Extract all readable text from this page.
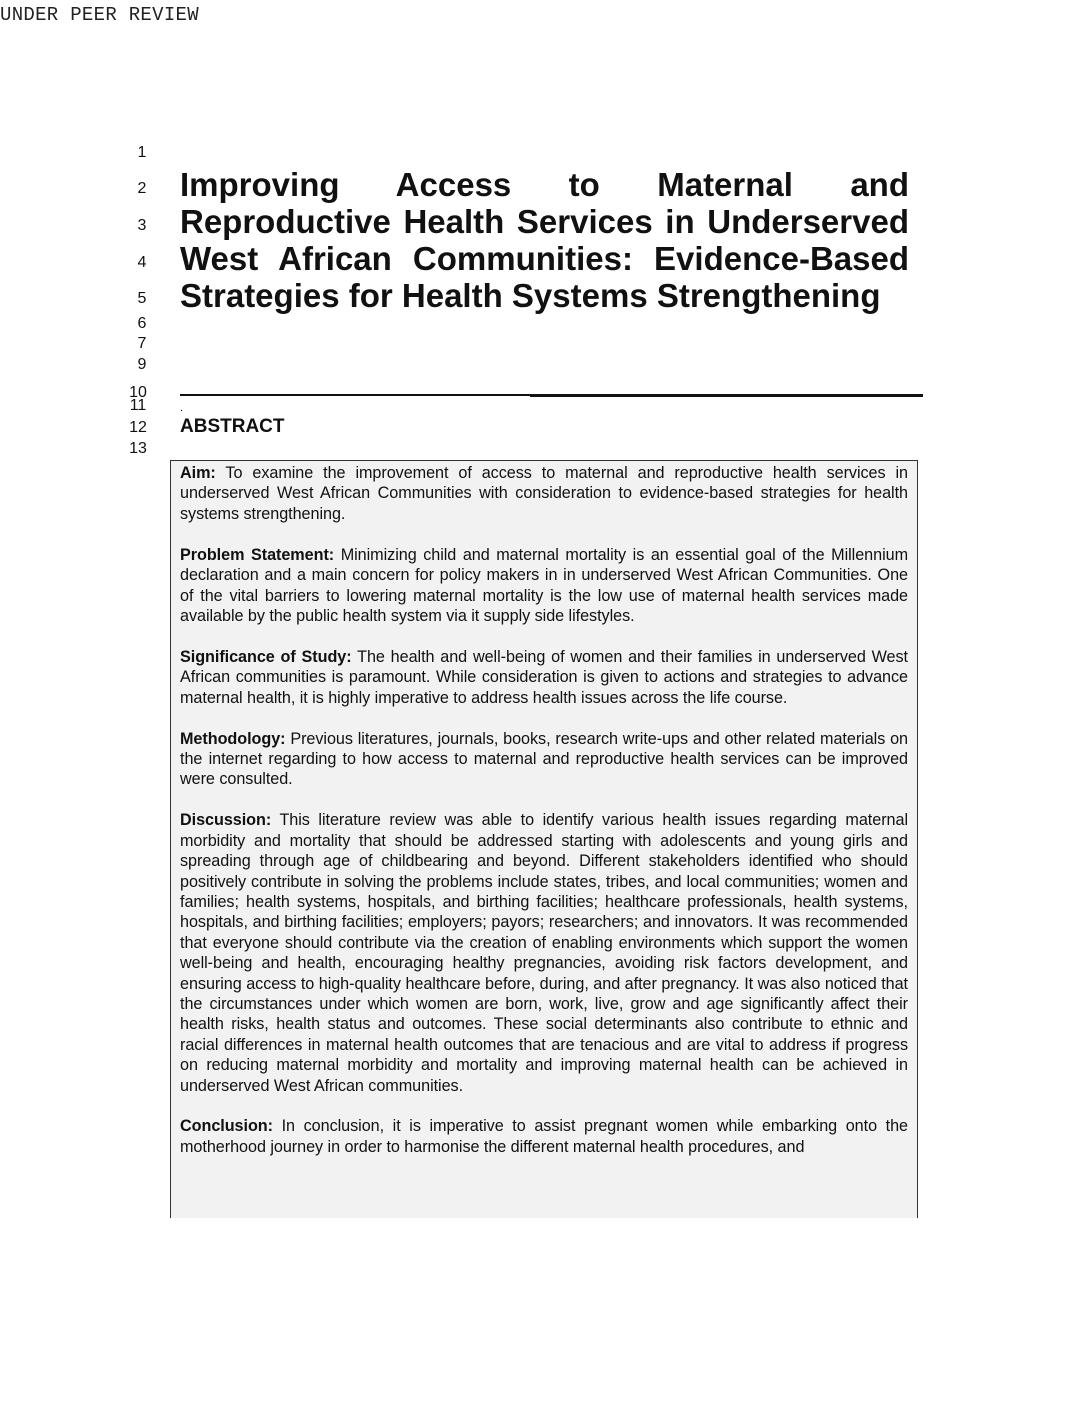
UNDER PEER REVIEW
1
2
3
4
5
6
7
9
10
11
12
13
Improving Access to Maternal and
Reproductive Health Services in Underserved
West African Communities: Evidence-Based
Strategies for Health Systems Strengthening
.
ABSTRACT

Aim: To examine the improvement of access to maternal and reproductive health services in underserved West African Communities with consideration to evidence-based strategies for health systems strengthening.

Problem Statement: Minimizing child and maternal mortality is an essential goal of the Millennium declaration and a main concern for policy makers in in underserved West African Communities. One of the vital barriers to lowering maternal mortality is the low use of maternal health services made available by the public health system via it supply side lifestyles.

Significance of Study: The health and well-being of women and their families in underserved West African communities is paramount. While consideration is given to actions and strategies to advance maternal health, it is highly imperative to address health issues across the life course.

Methodology: Previous literatures, journals, books, research write-ups and other related materials on the internet regarding to how access to maternal and reproductive health services can be improved were consulted.

Discussion: This literature review was able to identify various health issues regarding maternal morbidity and mortality that should be addressed starting with adolescents and young girls and spreading through age of childbearing and beyond. Different stakeholders identified who should positively contribute in solving the problems include states, tribes, and local communities; women and families; health systems, hospitals, and birthing facilities; healthcare professionals, health systems, hospitals, and birthing facilities; employers; payors; researchers; and innovators. It was recommended that everyone should contribute via the creation of enabling environments which support the women well-being and health, encouraging healthy pregnancies, avoiding risk factors development, and ensuring access to high-quality healthcare before, during, and after pregnancy. It was also noticed that the circumstances under which women are born, work, live, grow and age significantly affect their health risks, health status and outcomes. These social determinants also contribute to ethnic and racial differences in maternal health outcomes that are tenacious and are vital to address if progress on reducing maternal morbidity and mortality and improving maternal health can be achieved in underserved West African communities.

Conclusion: In conclusion, it is imperative to assist pregnant women while embarking onto the motherhood journey in order to harmonise the different maternal health procedures, and
